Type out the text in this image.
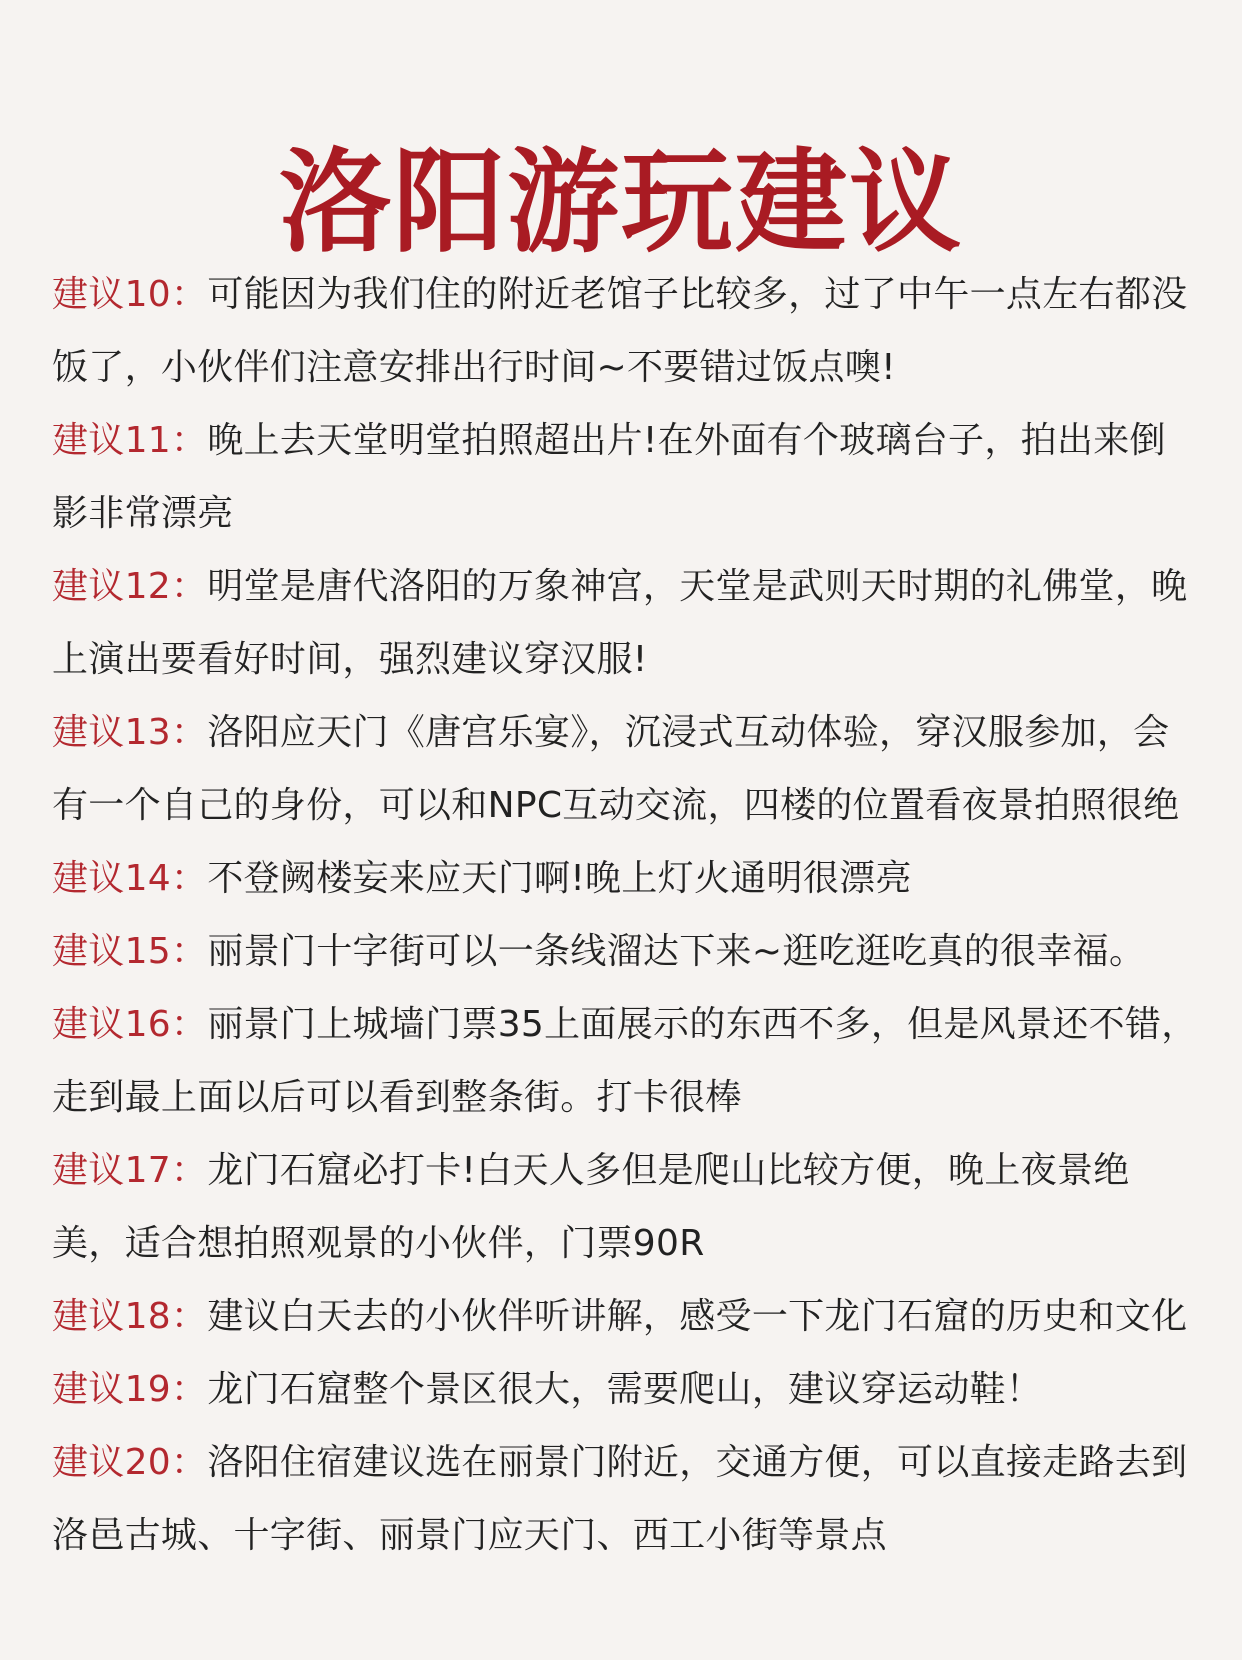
洛阳游玩建议

建议10：可能因为我们住的附近老馆子比较多，过了中午一点左右都没饭了，小伙伴们注意安排出行时间~不要错过饭点噢!

建议11：晚上去天堂明堂拍照超出片!在外面有个玻璃台子，拍出来倒影非常漂亮

建议12：明堂是唐代洛阳的万象神宫，天堂是武则天时期的礼佛堂，晚上演出要看好时间，强烈建议穿汉服!

建议13：洛阳应天门《唐宫乐宴》，沉浸式互动体验，穿汉服参加，会有一个自己的身份，可以和NPC互动交流，四楼的位置看夜景拍照很绝

建议14：不登阙楼妄来应天门啊!晚上灯火通明很漂亮

建议15：丽景门十字街可以一条线溜达下来~逛吃逛吃真的很幸福。

建议16：丽景门上城墙门票35上面展示的东西不多，但是风景还不错，走到最上面以后可以看到整条街。打卡很棒

建议17：龙门石窟必打卡!白天人多但是爬山比较方便，晚上夜景绝美，适合想拍照观景的小伙伴，门票90R

建议18：建议白天去的小伙伴听讲解，感受一下龙门石窟的历史和文化

建议19：龙门石窟整个景区很大，需要爬山，建议穿运动鞋！

建议20：洛阳住宿建议选在丽景门附近，交通方便，可以直接走路去到洛邑古城、十字街、丽景门应天门、西工小街等景点
